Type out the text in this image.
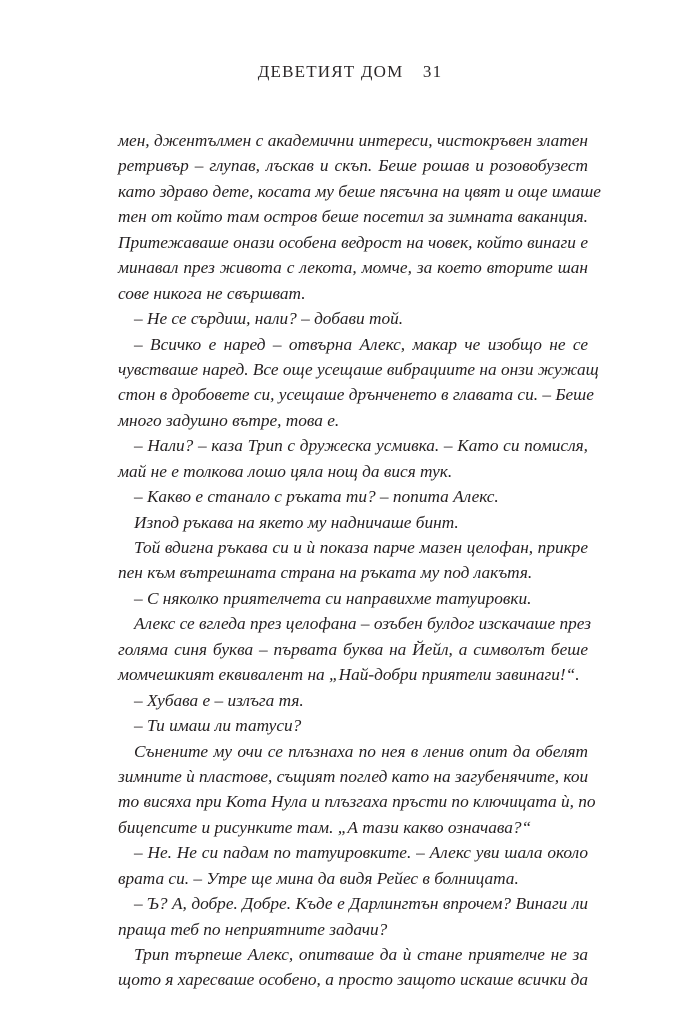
ДЕВЕТИЯТ ДОМ 31
мен, джентълмен с академични интереси, чистокръвен златен
ретривър – глупав, лъскав и скъп. Беше рошав и розовобузест
като здраво дете, косата му беше пясъчна на цвят и още имаше
тен от който там остров беше посетил за зимната ваканция.
Притежаваше онази особена ведрост на човек, който винаги е
минавал през живота с лекота, момче, за което вторите шан
сове никога не свършват.
– Не се сърдиш, нали? – добави той.
– Всичко е наред – отвърна Алекс, макар че изобщо не се
чувстваше наред. Все още усещаше вибрациите на онзи жужащ
стон в дробовете си, усещаше дрънченето в главата си. – Беше
много задушно вътре, това е.
– Нали? – каза Трип с дружеска усмивка. – Като си помисля,
май не е толкова лошо цяла нощ да вися тук.
– Какво е станало с ръката ти? – попита Алекс.
Изпод ръкава на якето му надничаше бинт.
Той вдигна ръкава си и ѝ показа парче мазен целофан, прикре
пен към вътрешната страна на ръката му под лакътя.
– С няколко приятелчета си направихме татуировки.
Алекс се вгледа през целофана – озъбен булдог изскачаше през
голяма синя буква – първата буква на Йейл, а символът беше
момчешкият еквивалент на „Най-добри приятели завинаги!“.
– Хубава е – излъга тя.
– Ти имаш ли татуси?
Сънените му очи се плъзнаха по нея в ленив опит да обелят
зимните ѝ пластове, същият поглед като на загубенячите, кои
то висяха при Кота Нула и плъзгаха пръсти по ключицата ѝ, по
бицепсите и рисунките там. „А тази какво означава?“
– Не. Не си падам по татуировките. – Алекс уви шала около
врата си. – Утре ще мина да видя Рейес в болницата.
– Ъ? А, добре. Добре. Къде е Дарлингтън впрочем? Винаги ли
праща теб по неприятните задачи?
Трип търпеше Алекс, опитваше да ѝ стане приятелче не за
щото я харесваше особено, а просто защото искаше всички да
